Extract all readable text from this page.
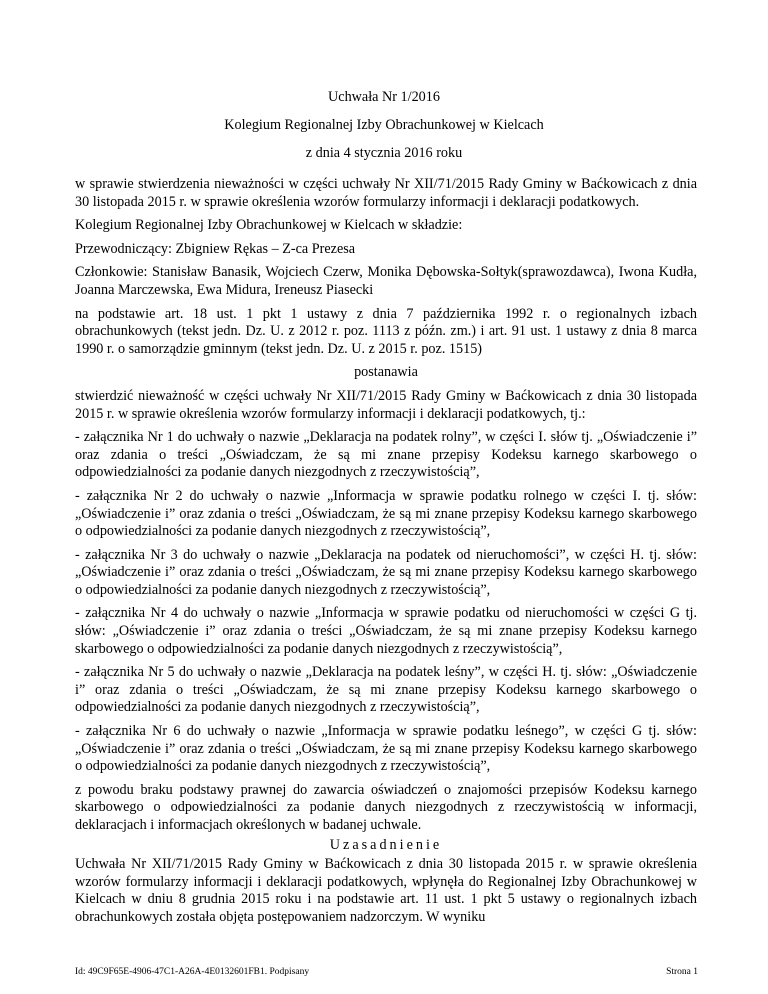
Uchwała Nr 1/2016
Kolegium Regionalnej Izby Obrachunkowej w Kielcach
z dnia 4 stycznia 2016 roku

w sprawie stwierdzenia nieważności w części uchwały Nr XII/71/2015 Rady Gminy w Baćkowicach z dnia 30 listopada 2015 r. w sprawie określenia wzorów formularzy informacji i deklaracji podatkowych.

Kolegium Regionalnej Izby Obrachunkowej w Kielcach w składzie:

Przewodniczący: Zbigniew Rękas – Z-ca Prezesa

Członkowie: Stanisław Banasik, Wojciech Czerw, Monika Dębowska-Sołtyk(sprawozdawca), Iwona Kudła, Joanna Marczewska, Ewa Midura, Ireneusz Piasecki

na podstawie art. 18 ust. 1 pkt 1 ustawy z dnia 7 października 1992 r. o regionalnych izbach obrachunkowych (tekst jedn. Dz. U. z 2012 r. poz. 1113 z późn. zm.) i art. 91 ust. 1 ustawy z dnia 8 marca 1990 r. o samorządzie gminnym (tekst jedn. Dz. U. z 2015 r. poz. 1515)

postanawia

stwierdzić nieważność w części uchwały Nr XII/71/2015 Rady Gminy w Baćkowicach z dnia 30 listopada 2015 r. w sprawie określenia wzorów formularzy informacji i deklaracji podatkowych, tj.:

- załącznika Nr 1 do uchwały o nazwie „Deklaracja na podatek rolny”, w części I. słów tj. „Oświadczenie i” oraz zdania o treści „Oświadczam, że są mi znane przepisy Kodeksu karnego skarbowego o odpowiedzialności za podanie danych niezgodnych z rzeczywistością”,

- załącznika Nr 2 do uchwały o nazwie „Informacja w sprawie podatku rolnego w części I. tj. słów: „Oświadczenie i” oraz zdania o treści „Oświadczam, że są mi znane przepisy Kodeksu karnego skarbowego o odpowiedzialności za podanie danych niezgodnych z rzeczywistością”,

- załącznika Nr 3 do uchwały o nazwie „Deklaracja na podatek od nieruchomości”, w części H. tj. słów: „Oświadczenie i” oraz zdania o treści „Oświadczam, że są mi znane przepisy Kodeksu karnego skarbowego o odpowiedzialności za podanie danych niezgodnych z rzeczywistością”,

- załącznika Nr 4 do uchwały o nazwie „Informacja w sprawie podatku od nieruchomości w części G tj. słów: „Oświadczenie i” oraz zdania o treści „Oświadczam, że są mi znane przepisy Kodeksu karnego skarbowego o odpowiedzialności za podanie danych niezgodnych z rzeczywistością”,

- załącznika Nr 5 do uchwały o nazwie „Deklaracja na podatek leśny”, w części H. tj. słów: „Oświadczenie i” oraz zdania o treści „Oświadczam, że są mi znane przepisy Kodeksu karnego skarbowego o odpowiedzialności za podanie danych niezgodnych z rzeczywistością”,

- załącznika Nr 6 do uchwały o nazwie „Informacja w sprawie podatku leśnego”, w części G tj. słów: „Oświadczenie i” oraz zdania o treści „Oświadczam, że są mi znane przepisy Kodeksu karnego skarbowego o odpowiedzialności za podanie danych niezgodnych z rzeczywistością”,

z powodu braku podstawy prawnej do zawarcia oświadczeń o znajomości przepisów Kodeksu karnego skarbowego o odpowiedzialności za podanie danych niezgodnych z rzeczywistością w informacji, deklaracjach i informacjach określonych w badanej uchwale.

Uzasadnienie

Uchwała Nr XII/71/2015 Rady Gminy w Baćkowicach z dnia 30 listopada 2015 r. w sprawie określenia wzorów formularzy informacji i deklaracji podatkowych, wpłynęła do Regionalnej Izby Obrachunkowej w Kielcach w dniu 8 grudnia 2015 roku i na podstawie art. 11 ust. 1 pkt 5 ustawy o regionalnych izbach obrachunkowych została objęta postępowaniem nadzorczym. W wyniku

Id: 49C9F65E-4906-47C1-A26A-4E0132601FB1. Podpisany	Strona 1
